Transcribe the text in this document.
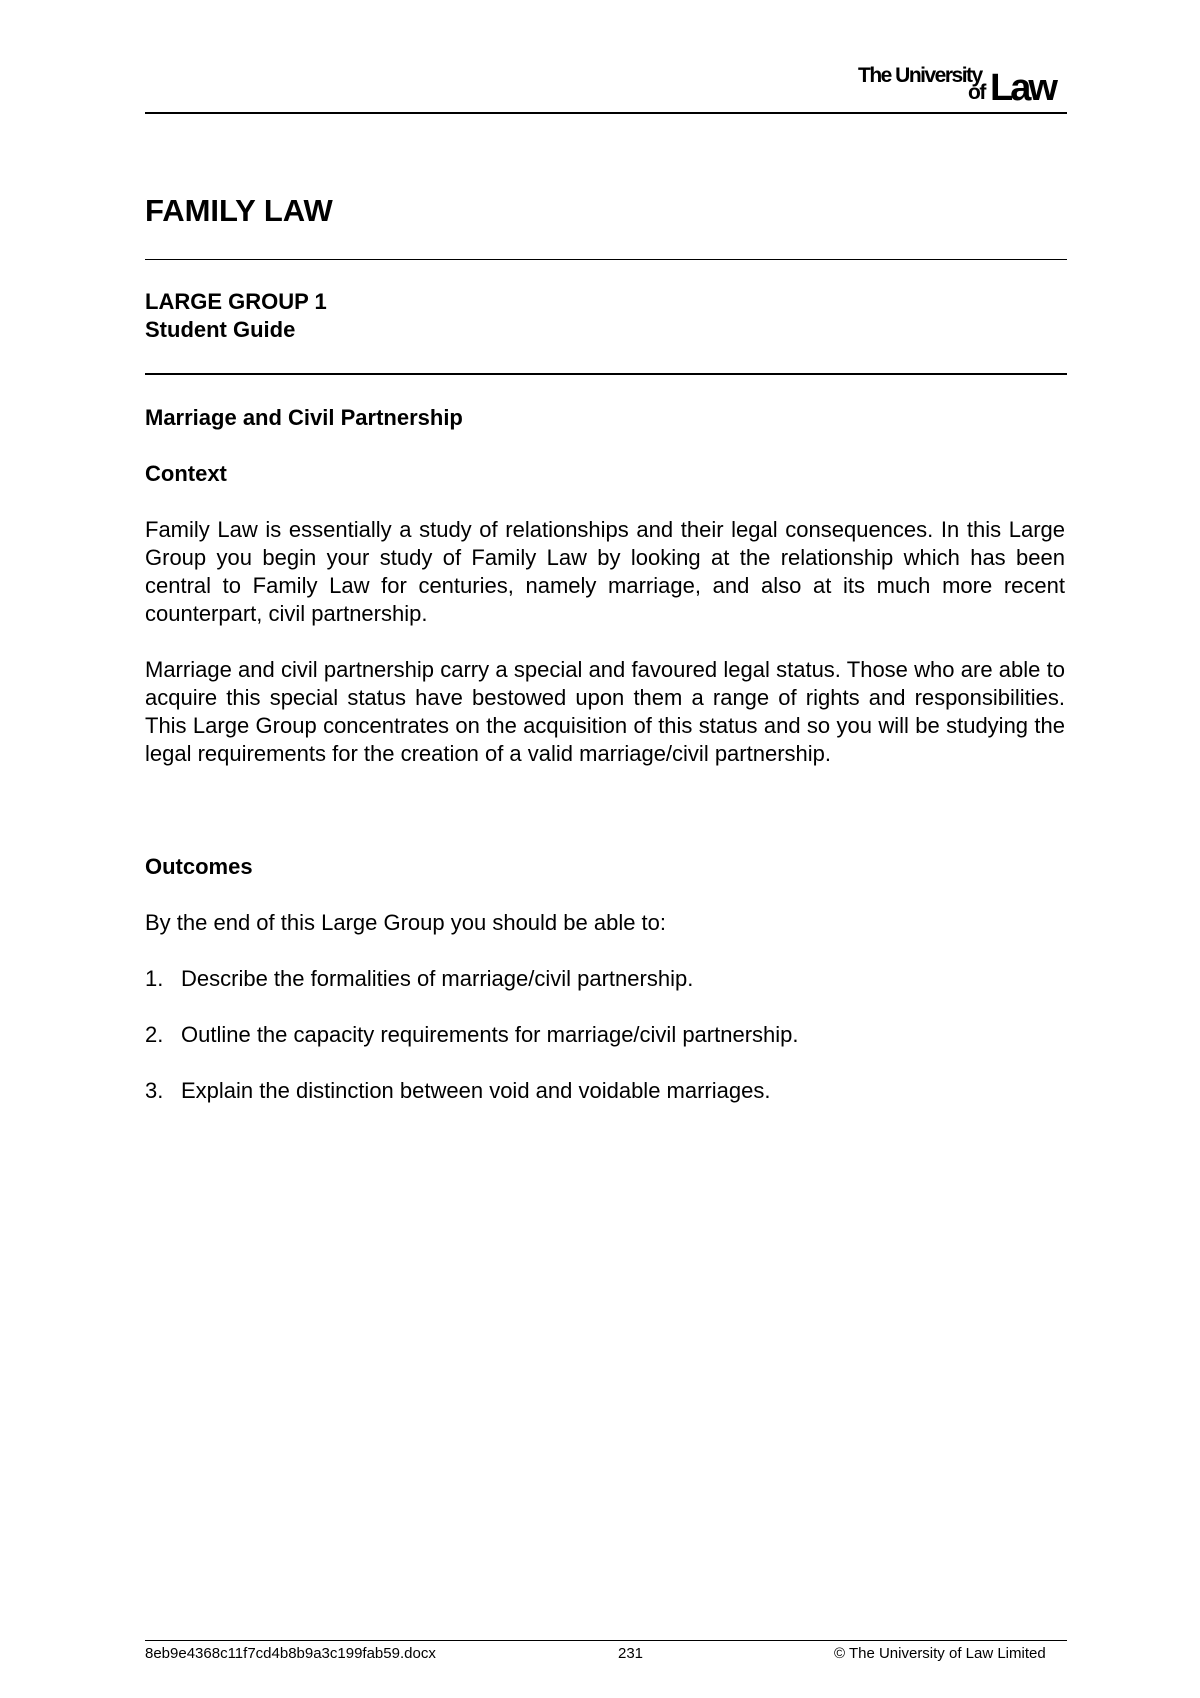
The University
of Law
FAMILY LAW
LARGE GROUP 1
Student Guide
Marriage and Civil Partnership
Context

Family Law is essentially a study of relationships and their legal consequences. In this Large Group you begin your study of Family Law by looking at the relationship which has been central to Family Law for centuries, namely marriage, and also at its much more recent counterpart, civil partnership.

Marriage and civil partnership carry a special and favoured legal status. Those who are able to acquire this special status have bestowed upon them a range of rights and responsibilities. This Large Group concentrates on the acquisition of this status and so you will be studying the legal requirements for the creation of a valid marriage/civil partnership.

Outcomes
By the end of this Large Group you should be able to:
1. Describe the formalities of marriage/civil partnership.
2. Outline the capacity requirements for marriage/civil partnership.
3. Explain the distinction between void and voidable marriages.
8eb9e4368c11f7cd4b8b9a3c199fab59.docx	231	© The University of Law Limited
